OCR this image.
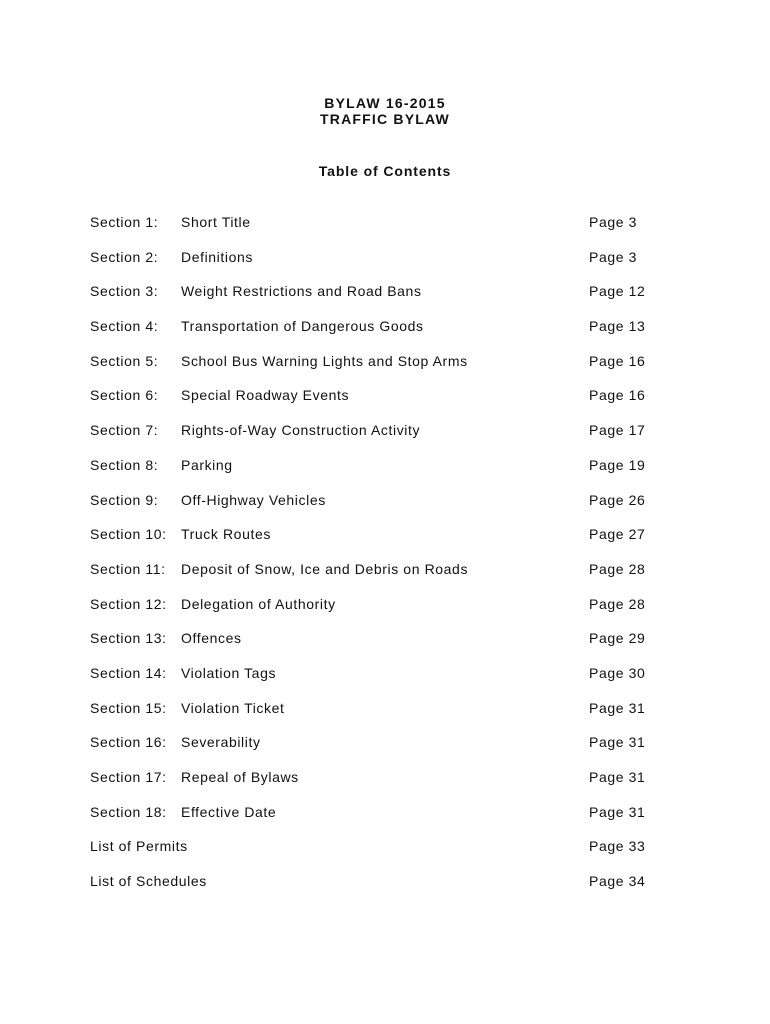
BYLAW 16-2015
TRAFFIC BYLAW
Table of Contents
Section 1: Short Title	Page 3
Section 2: Definitions	Page 3
Section 3: Weight Restrictions and Road Bans	Page 12
Section 4: Transportation of Dangerous Goods	Page 13
Section 5: School Bus Warning Lights and Stop Arms	Page 16
Section 6: Special Roadway Events	Page 16
Section 7: Rights-of-Way Construction Activity	Page 17
Section 8: Parking	Page 19
Section 9: Off-Highway Vehicles	Page 26
Section 10: Truck Routes	Page 27
Section 11: Deposit of Snow, Ice and Debris on Roads	Page 28
Section 12: Delegation of Authority	Page 28
Section 13: Offences	Page 29
Section 14: Violation Tags	Page 30
Section 15: Violation Ticket	Page 31
Section 16: Severability	Page 31
Section 17: Repeal of Bylaws	Page 31
Section 18: Effective Date	Page 31
List of Permits	Page 33
List of Schedules	Page 34
